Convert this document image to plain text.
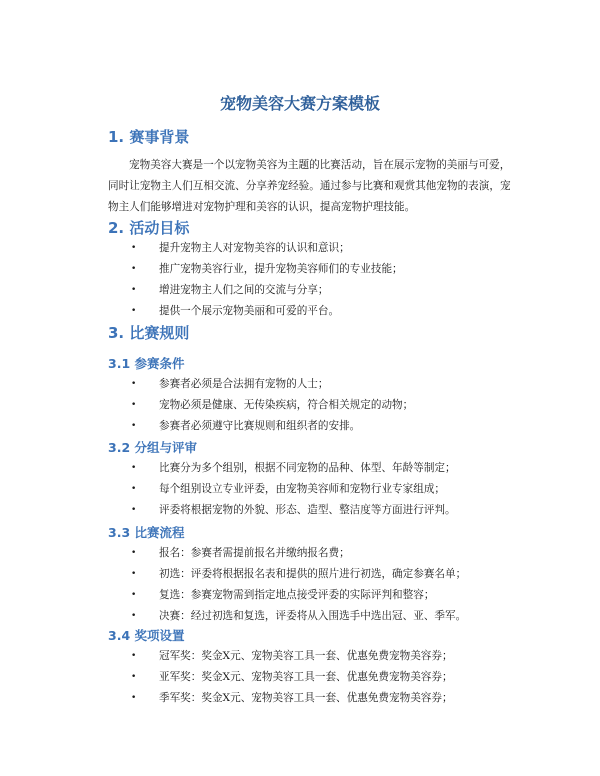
宠物美容大赛方案模板
1. 赛事背景

宠物美容大赛是一个以宠物美容为主题的比赛活动，旨在展示宠物的美丽与可爱，同时让宠物主人们互相交流、分享养宠经验。通过参与比赛和观赏其他宠物的表演，宠物主人们能够增进对宠物护理和美容的认识，提高宠物护理技能。

2. 活动目标
• 提升宠物主人对宠物美容的认识和意识；
• 推广宠物美容行业，提升宠物美容师们的专业技能；
• 增进宠物主人们之间的交流与分享；
• 提供一个展示宠物美丽和可爱的平台。
3. 比赛规则
3.1 参赛条件
• 参赛者必须是合法拥有宠物的人士；
• 宠物必须是健康、无传染疾病，符合相关规定的动物；
• 参赛者必须遵守比赛规则和组织者的安排。
3.2 分组与评审
• 比赛分为多个组别，根据不同宠物的品种、体型、年龄等制定；
• 每个组别设立专业评委，由宠物美容师和宠物行业专家组成；
• 评委将根据宠物的外貌、形态、造型、整洁度等方面进行评判。
3.3 比赛流程
• 报名：参赛者需提前报名并缴纳报名费；
• 初选：评委将根据报名表和提供的照片进行初选，确定参赛名单；
• 复选：参赛宠物需到指定地点接受评委的实际评判和整容；
• 决赛：经过初选和复选，评委将从入围选手中选出冠、亚、季军。
3.4 奖项设置
• 冠军奖：奖金X元、宠物美容工具一套、优惠免费宠物美容券；
• 亚军奖：奖金X元、宠物美容工具一套、优惠免费宠物美容券；
• 季军奖：奖金X元、宠物美容工具一套、优惠免费宠物美容券；
